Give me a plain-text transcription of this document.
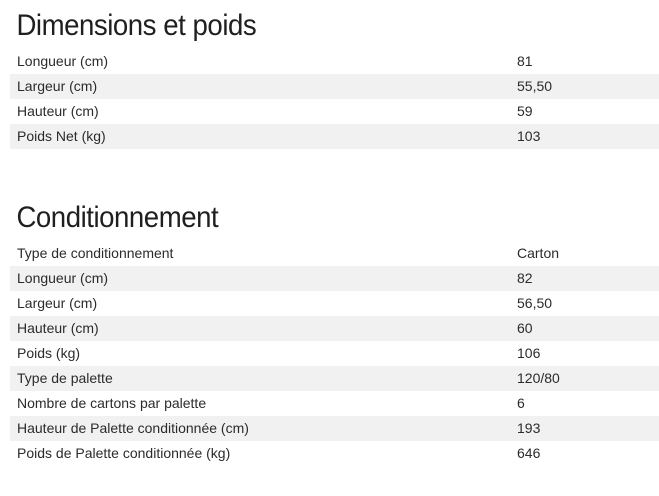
Dimensions et poids
Longueur (cm)	81
Largeur (cm)	55,50
Hauteur (cm)	59
Poids Net (kg)	103
Conditionnement
Type de conditionnement	Carton
Longueur (cm)	82
Largeur (cm)	56,50
Hauteur (cm)	60
Poids (kg)	106
Type de palette	120/80
Nombre de cartons par palette	6
Hauteur de Palette conditionnée (cm)	193
Poids de Palette conditionnée (kg)	646
